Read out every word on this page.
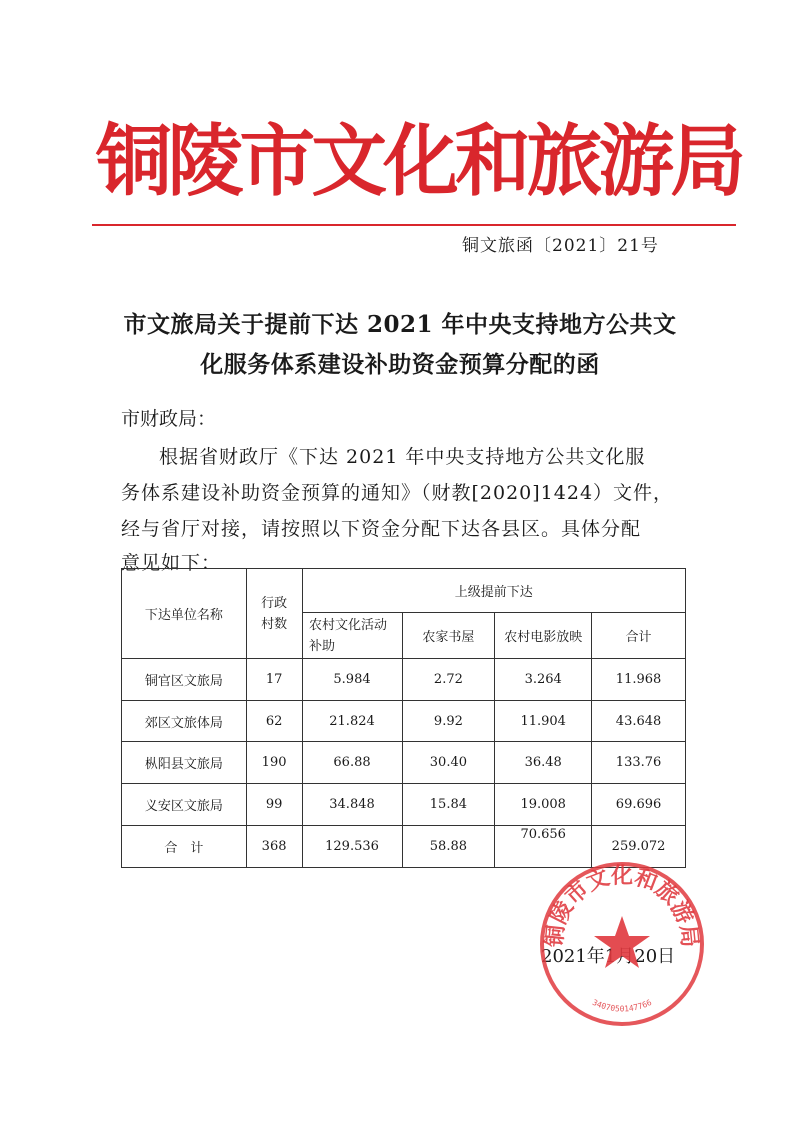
铜陵市文化和旅游局
铜文旅函〔2021〕21号
市文旅局关于提前下达 2021 年中央支持地方公共文
化服务体系建设补助资金预算分配的函
市财政局：
根据省财政厅《下达 2021 年中央支持地方公共文化服
务体系建设补助资金预算的通知》（财教[2020]1424）文件，
经与省厅对接，请按照以下资金分配下达各县区。具体分配
意见如下：
下达单位名称	行政村数	上级提前下达			

		农村文化活动补助	农家书屋	农村电影放映	合计
铜官区文旅局	17	5.984	2.72	3.264	11.968
郊区文旅体局	62	21.824	9.92	11.904	43.648
枞阳县文旅局	190	66.88	30.40	36.48	133.76
义安区文旅局	99	34.848	15.84	19.008	69.696
合　计	368	129.536	58.88	70.656	259.072
2021年1月20日
铜陵市文化和旅游局
3407050147766
